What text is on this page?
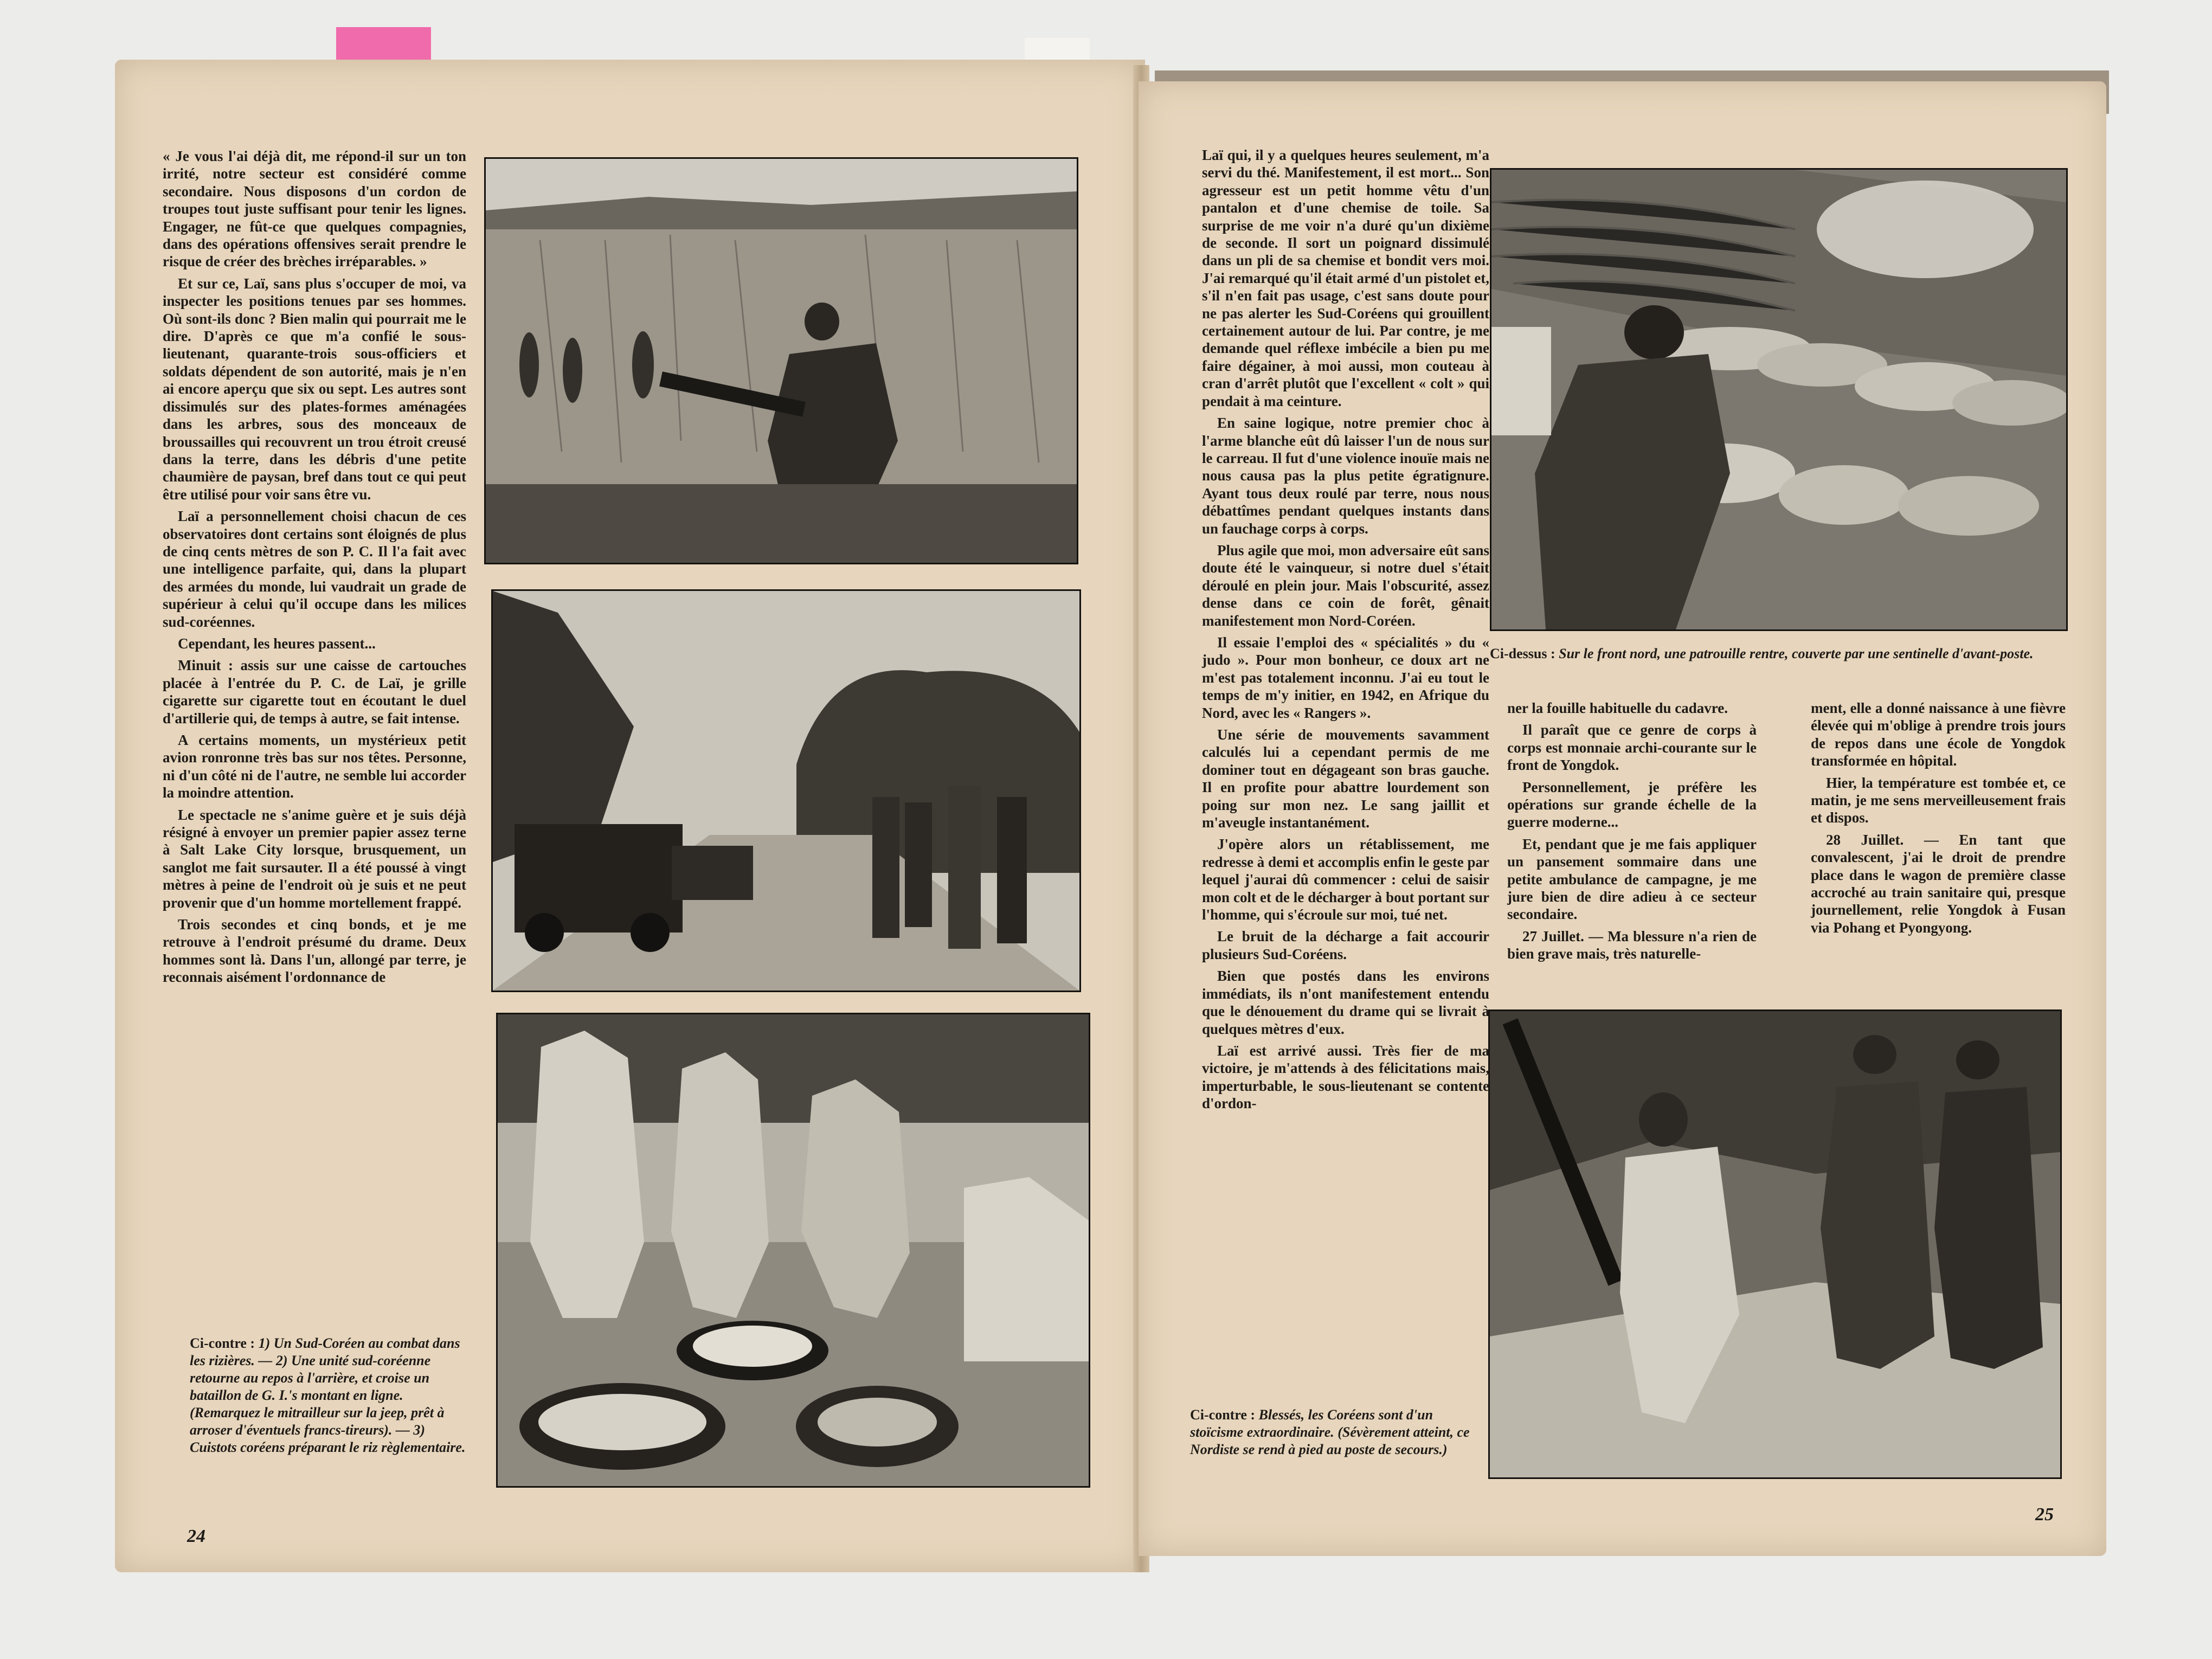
« Je vous l'ai déjà dit, me répond-il sur un ton irrité, notre secteur est considéré comme secondaire. Nous disposons d'un cordon de troupes tout juste suffisant pour tenir les lignes. Engager, ne fût-ce que quelques compagnies, dans des opérations offensives serait prendre le risque de créer des brèches irréparables. »

Et sur ce, Laï, sans plus s'occuper de moi, va inspecter les positions tenues par ses hommes. Où sont-ils donc ? Bien malin qui pourrait me le dire. D'après ce que m'a confié le sous-lieutenant, quarante-trois sous-officiers et soldats dépendent de son autorité, mais je n'en ai encore aperçu que six ou sept. Les autres sont dissimulés sur des plates-formes aménagées dans les arbres, sous des monceaux de broussailles qui recouvrent un trou étroit creusé dans la terre, dans les débris d'une petite chaumière de paysan, bref dans tout ce qui peut être utilisé pour voir sans être vu.

Laï a personnellement choisi chacun de ces observatoires dont certains sont éloignés de plus de cinq cents mètres de son P. C. Il l'a fait avec une intelligence parfaite, qui, dans la plupart des armées du monde, lui vaudrait un grade de supérieur à celui qu'il occupe dans les milices sud-coréennes.

Cependant, les heures passent...

Minuit : assis sur une caisse de cartouches placée à l'entrée du P. C. de Laï, je grille cigarette sur cigarette tout en écoutant le duel d'artillerie qui, de temps à autre, se fait intense.

A certains moments, un mystérieux petit avion ronronne très bas sur nos têtes. Personne, ni d'un côté ni de l'autre, ne semble lui accorder la moindre attention.

Le spectacle ne s'anime guère et je suis déjà résigné à envoyer un premier papier assez terne à Salt Lake City lorsque, brusquement, un sanglot me fait sursauter. Il a été poussé à vingt mètres à peine de l'endroit où je suis et ne peut provenir que d'un homme mortellement frappé.

Trois secondes et cinq bonds, et je me retrouve à l'endroit présumé du drame. Deux hommes sont là. Dans l'un, allongé par terre, je reconnais aisément l'ordonnance de

Ci-contre : 1) Un Sud-Coréen au combat dans les rizières. — 2) Une unité sud-coréenne retourne au repos à l'arrière, et croise un bataillon de G. I.'s montant en ligne. (Remarquez le mitrailleur sur la jeep, prêt à arroser d'éventuels francs-tireurs). — 3) Cuistots coréens préparant le riz règlementaire.
24

Laï qui, il y a quelques heures seulement, m'a servi du thé. Manifestement, il est mort... Son agresseur est un petit homme vêtu d'un pantalon et d'une chemise de toile. Sa surprise de me voir n'a duré qu'un dixième de seconde. Il sort un poignard dissimulé dans un pli de sa chemise et bondit vers moi. J'ai remarqué qu'il était armé d'un pistolet et, s'il n'en fait pas usage, c'est sans doute pour ne pas alerter les Sud-Coréens qui grouillent certainement autour de lui. Par contre, je me demande quel réflexe imbécile a bien pu me faire dégainer, à moi aussi, mon couteau à cran d'arrêt plutôt que l'excellent « colt » qui pendait à ma ceinture.

En saine logique, notre premier choc à l'arme blanche eût dû laisser l'un de nous sur le carreau. Il fut d'une violence inouïe mais ne nous causa pas la plus petite égratignure. Ayant tous deux roulé par terre, nous nous débattîmes pendant quelques instants dans un fauchage corps à corps.

Plus agile que moi, mon adversaire eût sans doute été le vainqueur, si notre duel s'était déroulé en plein jour. Mais l'obscurité, assez dense dans ce coin de forêt, gênait manifestement mon Nord-Coréen.

Il essaie l'emploi des « spécialités » du « judo ». Pour mon bonheur, ce doux art ne m'est pas totalement inconnu. J'ai eu tout le temps de m'y initier, en 1942, en Afrique du Nord, avec les « Rangers ».

Une série de mouvements savamment calculés lui a cependant permis de me dominer tout en dégageant son bras gauche. Il en profite pour abattre lourdement son poing sur mon nez. Le sang jaillit et m'aveugle instantanément.

J'opère alors un rétablissement, me redresse à demi et accomplis enfin le geste par lequel j'aurai dû commencer : celui de saisir mon colt et de le décharger à bout portant sur l'homme, qui s'écroule sur moi, tué net.

Le bruit de la décharge a fait accourir plusieurs Sud-Coréens.

Bien que postés dans les environs immédiats, ils n'ont manifestement entendu que le dénouement du drame qui se livrait à quelques mètres d'eux.

Laï est arrivé aussi. Très fier de ma victoire, je m'attends à des félicitations mais, imperturbable, le sous-lieutenant se contente d'ordon-

ner la fouille habituelle du cadavre.

Il paraît que ce genre de corps à corps est monnaie archi-courante sur le front de Yongdok.

Personnellement, je préfère les opérations sur grande échelle de la guerre moderne...

Et, pendant que je me fais appliquer un pansement sommaire dans une petite ambulance de campagne, je me jure bien de dire adieu à ce secteur secondaire.

27 Juillet. — Ma blessure n'a rien de bien grave mais, très naturelle-

ment, elle a donné naissance à une fièvre élevée qui m'oblige à prendre trois jours de repos dans une école de Yongdok transformée en hôpital.

Hier, la température est tombée et, ce matin, je me sens merveilleusement frais et dispos.

28 Juillet. — En tant que convalescent, j'ai le droit de prendre place dans le wagon de première classe accroché au train sanitaire qui, presque journellement, relie Yongdok à Fusan via Pohang et Pyongyong.

Ci-dessus : Sur le front nord, une patrouille rentre, couverte par une sentinelle d'avant-poste.
Ci-contre : Blessés, les Coréens sont d'un stoïcisme extraordinaire. (Sévèrement atteint, ce Nordiste se rend à pied au poste de secours.)
25
